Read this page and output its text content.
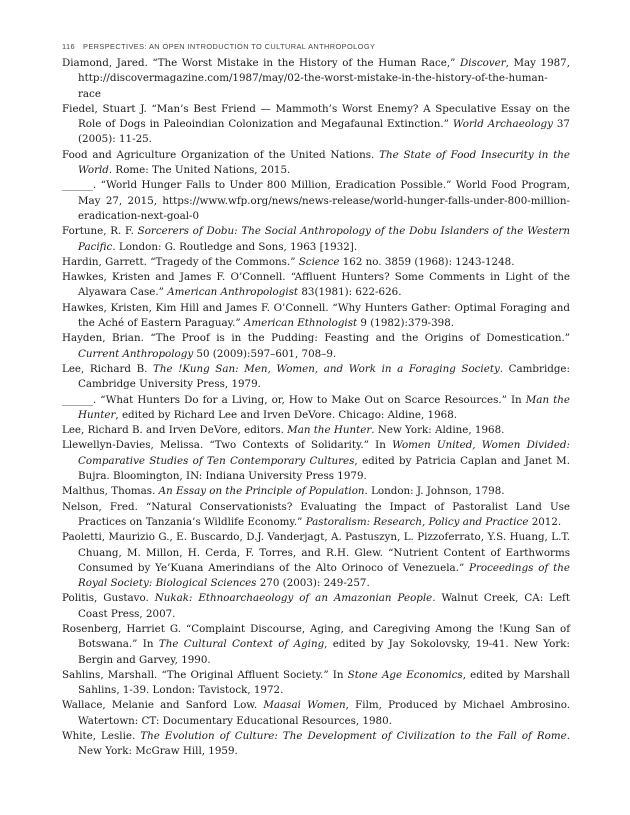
116 PERSPECTIVES: AN OPEN INTRODUCTION TO CULTURAL ANTHROPOLOGY
Diamond, Jared. “The Worst Mistake in the History of the Human Race,” Discover, May 1987, http://discovermagazine.com/1987/may/02-the-worst-mistake-in-the-history-of-the-human-race
Fiedel, Stuart J. “Man’s Best Friend — Mammoth’s Worst Enemy? A Speculative Essay on the Role of Dogs in Paleoindian Colonization and Megafaunal Extinction.” World Archaeology 37 (2005): 11-25.
Food and Agriculture Organization of the United Nations. The State of Food Insecurity in the World. Rome: The United Nations, 2015.
______. “World Hunger Falls to Under 800 Million, Eradication Possible.” World Food Program, May 27, 2015, https://www.wfp.org/news/news-release/world-hunger-falls-under-800-million-eradication-next-goal-0
Fortune, R. F. Sorcerers of Dobu: The Social Anthropology of the Dobu Islanders of the Western Pacific. London: G. Routledge and Sons, 1963 [1932].
Hardin, Garrett. “Tragedy of the Commons.” Science 162 no. 3859 (1968): 1243-1248.
Hawkes, Kristen and James F. O’Connell. “Affluent Hunters? Some Comments in Light of the Alyawara Case.” American Anthropologist 83(1981): 622-626.
Hawkes, Kristen, Kim Hill and James F. O’Connell. “Why Hunters Gather: Optimal Foraging and the Aché of Eastern Paraguay.” American Ethnologist 9 (1982):379-398.
Hayden, Brian. “The Proof is in the Pudding: Feasting and the Origins of Domestication.” Current Anthropology 50 (2009):597–601, 708–9.
Lee, Richard B. The !Kung San: Men, Women, and Work in a Foraging Society. Cambridge: Cambridge University Press, 1979.
______. “What Hunters Do for a Living, or, How to Make Out on Scarce Resources.” In Man the Hunter, edited by Richard Lee and Irven DeVore. Chicago: Aldine, 1968.
Lee, Richard B. and Irven DeVore, editors. Man the Hunter. New York: Aldine, 1968.
Llewellyn-Davies, Melissa. “Two Contexts of Solidarity.” In Women United, Women Divided: Comparative Studies of Ten Contemporary Cultures, edited by Patricia Caplan and Janet M. Bujra. Bloomington, IN: Indiana University Press 1979.
Malthus, Thomas. An Essay on the Principle of Population. London: J. Johnson, 1798.
Nelson, Fred. “Natural Conservationists? Evaluating the Impact of Pastoralist Land Use Practices on Tanzania’s Wildlife Economy.” Pastoralism: Research, Policy and Practice 2012.
Paoletti, Maurizio G., E. Buscardo, D.J. Vanderjagt, A. Pastuszyn, L. Pizzoferrato, Y.S. Huang, L.T. Chuang, M. Millon, H. Cerda, F. Torres, and R.H. Glew. “Nutrient Content of Earthworms Consumed by Ye’Kuana Amerindians of the Alto Orinoco of Venezuela.” Proceedings of the Royal Society: Biological Sciences 270 (2003): 249-257.
Politis, Gustavo. Nukak: Ethnoarchaeology of an Amazonian People. Walnut Creek, CA: Left Coast Press, 2007.
Rosenberg, Harriet G. “Complaint Discourse, Aging, and Caregiving Among the !Kung San of Botswana.” In The Cultural Context of Aging, edited by Jay Sokolovsky, 19-41. New York: Bergin and Garvey, 1990.
Sahlins, Marshall. “The Original Affluent Society.” In Stone Age Economics, edited by Marshall Sahlins, 1-39. London: Tavistock, 1972.
Wallace, Melanie and Sanford Low. Maasai Women, Film, Produced by Michael Ambrosino. Watertown: CT: Documentary Educational Resources, 1980.
White, Leslie. The Evolution of Culture: The Development of Civilization to the Fall of Rome. New York: McGraw Hill, 1959.
